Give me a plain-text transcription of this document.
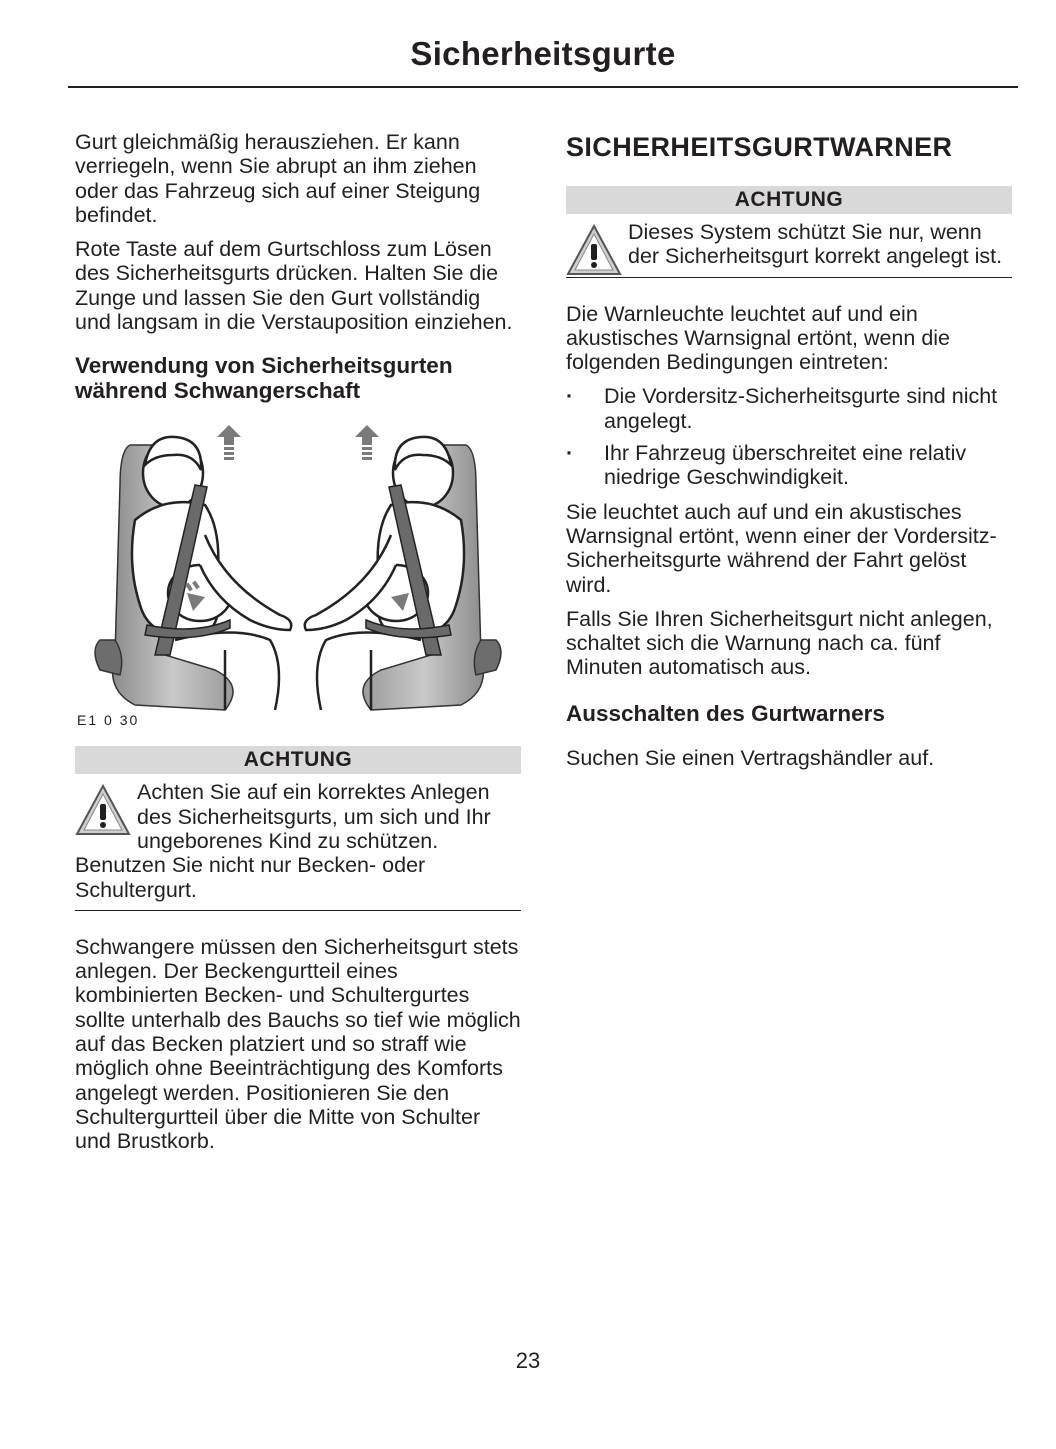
Sicherheitsgurte

Gurt gleichmäßig herausziehen. Er kann verriegeln, wenn Sie abrupt an ihm ziehen oder das Fahrzeug sich auf einer Steigung befindet.

Rote Taste auf dem Gurtschloss zum Lösen des Sicherheitsgurts drücken. Halten Sie die Zunge und lassen Sie den Gurt vollständig und langsam in die Verstauposition einziehen.

Verwendung von Sicherheitsgurten während Schwangerschaft
E1 0 30
ACHTUNG
Achten Sie auf ein korrektes Anlegen des Sicherheitsgurts, um sich und Ihr ungeborenes Kind zu schützen. Benutzen Sie nicht nur Becken- oder Schultergurt.

Schwangere müssen den Sicherheitsgurt stets anlegen. Der Beckengurtteil eines kombinierten Becken- und Schultergurtes sollte unterhalb des Bauchs so tief wie möglich auf das Becken platziert und so straff wie möglich ohne Beeinträchtigung des Komforts angelegt werden. Positionieren Sie den Schultergurtteil über die Mitte von Schulter und Brustkorb.

SICHERHEITSGURTWARNER
ACHTUNG
Dieses System schützt Sie nur, wenn der Sicherheitsgurt korrekt angelegt ist.

Die Warnleuchte leuchtet auf und ein akustisches Warnsignal ertönt, wenn die folgenden Bedingungen eintreten:

· Die Vordersitz-Sicherheitsgurte sind nicht angelegt.
· Ihr Fahrzeug überschreitet eine relativ niedrige Geschwindigkeit.

Sie leuchtet auch auf und ein akustisches Warnsignal ertönt, wenn einer der Vordersitz-Sicherheitsgurte während der Fahrt gelöst wird.

Falls Sie Ihren Sicherheitsgurt nicht anlegen, schaltet sich die Warnung nach ca. fünf Minuten automatisch aus.

Ausschalten des Gurtwarners

Suchen Sie einen Vertragshändler auf.

23
